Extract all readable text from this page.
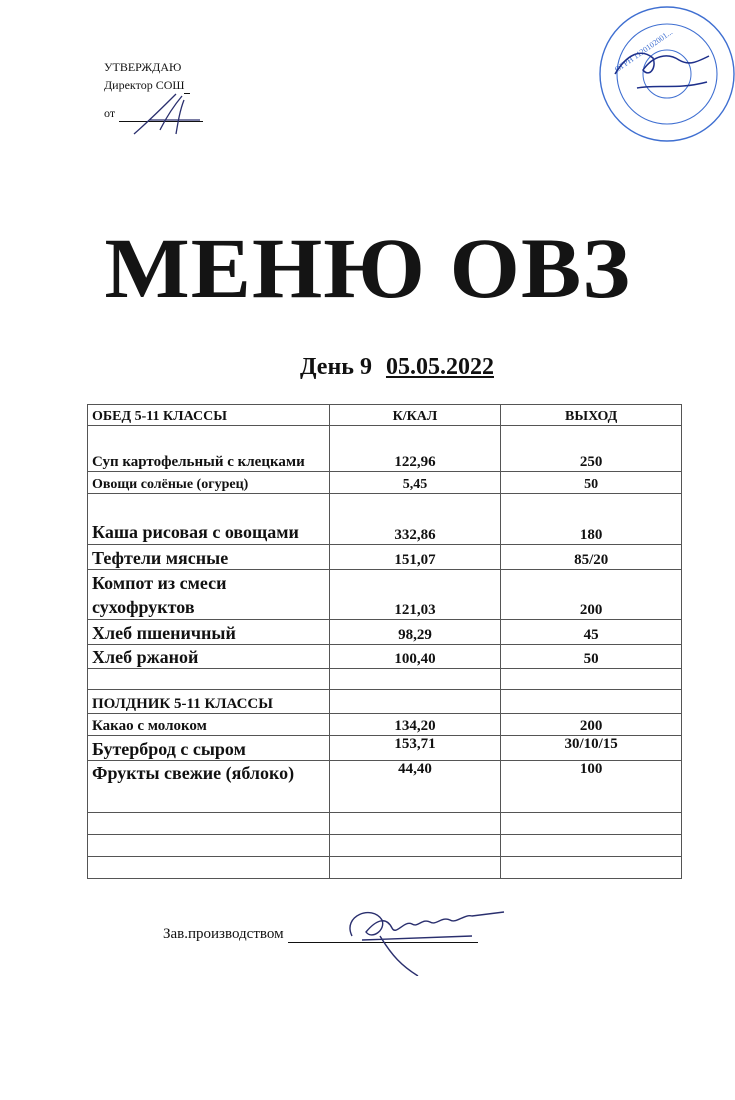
УТВЕРЖДАЮ
Директор СОШ
от
ОГРН 1120102001...
МЕНЮ ОВЗ
День 9 05.05.2022
ОБЕД 5-11 КЛАССЫ	К/КАЛ	ВЫХОД
Суп картофельный с клецками	122,96	250
Овощи солёные (огурец)	5,45	50
Каша рисовая с овощами	332,86	180
Тефтели мясные	151,07	85/20
Компот из смеси сухофруктов	121,03	200
Хлеб пшеничный	98,29	45
Хлеб ржаной	100,40	50

ПОЛДНИК 5-11 КЛАССЫ		
Какао с молоком	134,20	200
Бутерброд с сыром	153,71	30/10/15
Фрукты свежие (яблоко)	44,40	100

Зав.производством
